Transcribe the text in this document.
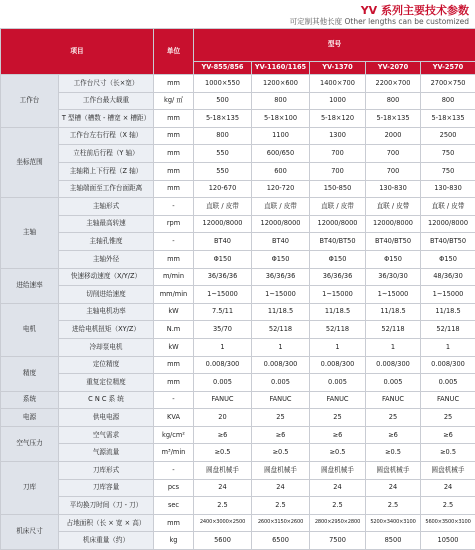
YV 系列主要技术参数
可定制其他长度 Other lengths can be customized
项目		单位	型号				
			YV-855/856	YV-1160/1165	YV-1370	YV-2070	YV-2570
工作台	工作台尺寸（长×宽）	mm	1000×550	1200×600	1400×700	2200×700	2700×750
	工作台最大载重	kg/ ㎡	500	800	1000	800	800
	T 型槽（槽数 - 槽宽 × 槽距）	mm	5-18×135	5-18×100	5-18×120	5-18×135	5-18×135
坐标范围	工作台左右行程（X 轴）	mm	800	1100	1300	2000	2500
	立柱前后行程（Y 轴）	mm	550	600/650	700	700	750
	主轴箱上下行程（Z 轴）	mm	550	600	700	700	750
	主轴端面至工作台面距离	mm	120-670	120-720	150-850	130-830	130-830
主轴	主轴形式	-	直联 / 皮带	直联 / 皮带	直联 / 皮带	直联 / 皮带	直联 / 皮带
	主轴最高转速	rpm	12000/8000	12000/8000	12000/8000	12000/8000	12000/8000
	主轴孔锥度	-	BT40	BT40	BT40/BT50	BT40/BT50	BT40/BT50
	主轴外径	mm	Φ150	Φ150	Φ150	Φ150	Φ150
进给速率	快速移动速度（X/Y/Z）	m/min	36/36/36	36/36/36	36/36/36	36/30/30	48/36/30
	切削进给速度	mm/min	1~15000	1~15000	1~15000	1~15000	1~15000
电机	主轴电机功率	kW	7.5/11	11/18.5	11/18.5	11/18.5	11/18.5
	进给电机扭矩（XY/Z）	N.m	35/70	52/118	52/118	52/118	52/118
	冷却泵电机	kW	1	1	1	1	1
精度	定位精度	mm	0.008/300	0.008/300	0.008/300	0.008/300	0.008/300
	重复定位精度	mm	0.005	0.005	0.005	0.005	0.005
系统	C N C 系 统	-	FANUC	FANUC	FANUC	FANUC	FANUC
电源	供电电源	KVA	20	25	25	25	25
空气压力	空气需求	kg/cm²	≥6	≥6	≥6	≥6	≥6
	气源流量	m³/min	≥0.5	≥0.5	≥0.5	≥0.5	≥0.5
刀库	刀库形式	-	圆盘机械手	圆盘机械手	圆盘机械手	圆盘机械手	圆盘机械手
	刀库容量	pcs	24	24	24	24	24
	平均换刀时间（刀 - 刀）	sec	2.5	2.5	2.5	2.5	2.5
机床尺寸	占地面积（长 × 宽 × 高）	mm	2400×3000×2500	2600×3150×2600	2800×2950×2800	5200×3400×3100	5600×3500×3100
	机床重量（约）	kg	5600	6500	7500	8500	10500
